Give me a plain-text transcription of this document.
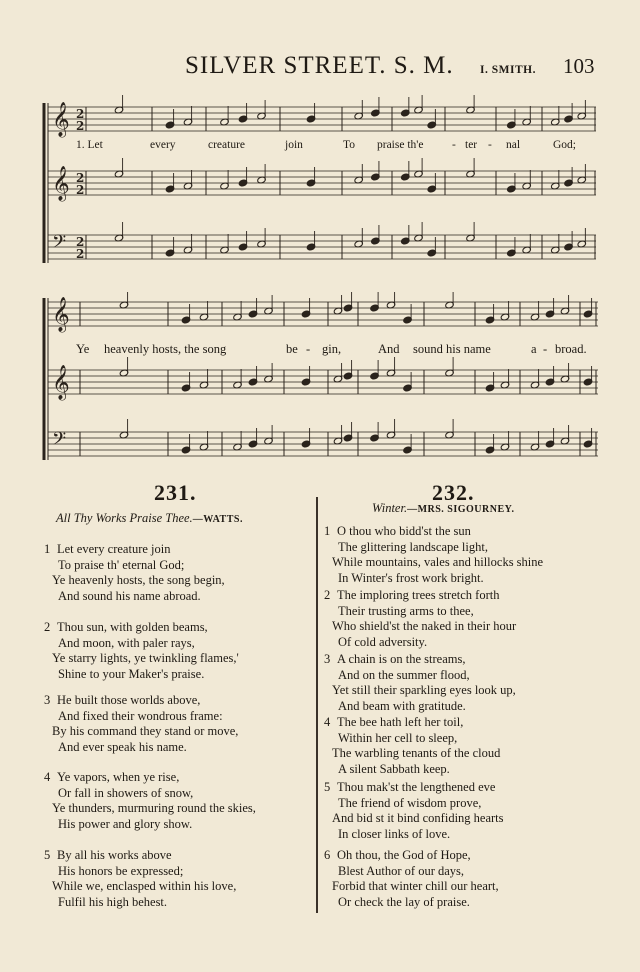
SILVER STREET. S. M. I. SMITH. 103
𝄞 2
2
𝄞 2
2
𝄢 2
2
1. Let	every	creature	join	To praise th'e - ter - nal	God;
𝄞
𝄞
𝄢
Ye heavenly hosts, the song	be - gin,	And sound his name	a - broad.
231.
All Thy Works Praise Thee.—WATTS.
1 Let every creature join
To praise th' eternal God;
Ye heavenly hosts, the song begin,
And sound his name abroad.
2 Thou sun, with golden beams,
And moon, with paler rays,
Ye starry lights, ye twinkling flames,'
Shine to your Maker's praise.
3 He built those worlds above,
And fixed their wondrous frame:
By his command they stand or move,
And ever speak his name.
4 Ye vapors, when ye rise,
Or fall in showers of snow,
Ye thunders, murmuring round the skies,
His power and glory show.
5 By all his works above
His honors be expressed;
While we, enclasped within his love,
Fulfil his high behest.
232.
Winter.—MRS. SIGOURNEY.
1 O thou who bidd'st the sun
The glittering landscape light,
While mountains, vales and hillocks shine
In Winter's frost work bright.
2 The imploring trees stretch forth
Their trusting arms to thee,
Who shield'st the naked in their hour
Of cold adversity.
3 A chain is on the streams,
And on the summer flood,
Yet still their sparkling eyes look up,
And beam with gratitude.
4 The bee hath left her toil,
Within her cell to sleep,
The warbling tenants of the cloud
A silent Sabbath keep.
5 Thou mak'st the lengthened eve
The friend of wisdom prove,
And bid st it bind confiding hearts
In closer links of love.
6 Oh thou, the God of Hope,
Blest Author of our days,
Forbid that winter chill our heart,
Or check the lay of praise.
